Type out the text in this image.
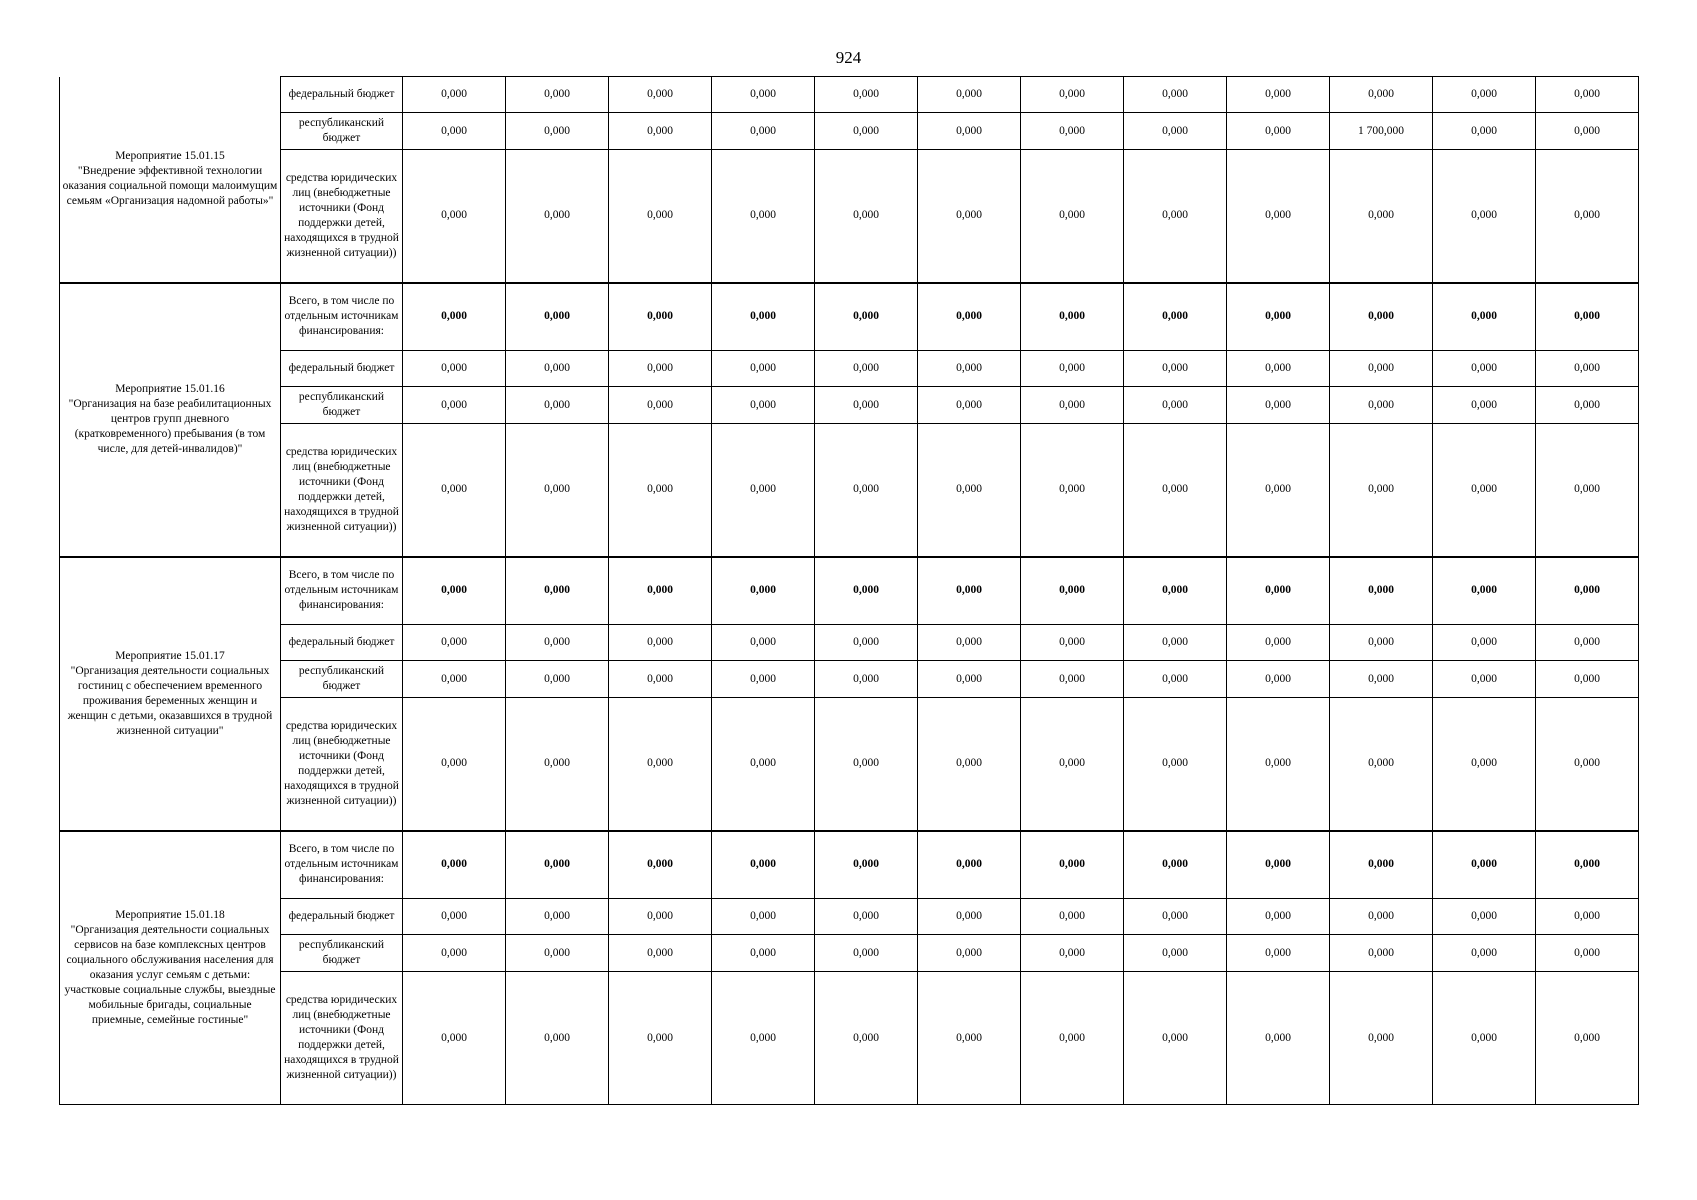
924
Мероприятие 15.01.15
"Внедрение эффективной технологии оказания социальной помощи малоимущим семьям «Организация надомной работы»"	федеральный бюджет	0,000	0,000	0,000	0,000	0,000	0,000	0,000	0,000	0,000	0,000	0,000	0,000
	республиканский бюджет	0,000	0,000	0,000	0,000	0,000	0,000	0,000	0,000	0,000	1 700,000	0,000	0,000
	средства юридических лиц (внебюджетные источники (Фонд поддержки детей, находящихся в трудной жизненной ситуации))	0,000	0,000	0,000	0,000	0,000	0,000	0,000	0,000	0,000	0,000	0,000	0,000

Мероприятие 15.01.16
"Организация на базе реабилитационных центров групп дневного (кратковременного) пребывания (в том числе, для детей-инвалидов)"	Всего, в том числе по отдельным источникам финансирования:	0,000	0,000	0,000	0,000	0,000	0,000	0,000	0,000	0,000	0,000	0,000	0,000
	федеральный бюджет	0,000	0,000	0,000	0,000	0,000	0,000	0,000	0,000	0,000	0,000	0,000	0,000
	республиканский бюджет	0,000	0,000	0,000	0,000	0,000	0,000	0,000	0,000	0,000	0,000	0,000	0,000
	средства юридических лиц (внебюджетные источники (Фонд поддержки детей, находящихся в трудной жизненной ситуации))	0,000	0,000	0,000	0,000	0,000	0,000	0,000	0,000	0,000	0,000	0,000	0,000

Мероприятие 15.01.17
"Организация деятельности социальных гостиниц с обеспечением временного проживания беременных женщин и женщин с детьми, оказавшихся в трудной жизненной ситуации"	Всего, в том числе по отдельным источникам финансирования:	0,000	0,000	0,000	0,000	0,000	0,000	0,000	0,000	0,000	0,000	0,000	0,000
	федеральный бюджет	0,000	0,000	0,000	0,000	0,000	0,000	0,000	0,000	0,000	0,000	0,000	0,000
	республиканский бюджет	0,000	0,000	0,000	0,000	0,000	0,000	0,000	0,000	0,000	0,000	0,000	0,000
	средства юридических лиц (внебюджетные источники (Фонд поддержки детей, находящихся в трудной жизненной ситуации))	0,000	0,000	0,000	0,000	0,000	0,000	0,000	0,000	0,000	0,000	0,000	0,000

Мероприятие 15.01.18
"Организация деятельности социальных сервисов на базе комплексных центров социального обслуживания населения для оказания услуг семьям с детьми: участковые социальные службы, выездные мобильные бригады, социальные приемные, семейные гостиные"	Всего, в том числе по отдельным источникам финансирования:	0,000	0,000	0,000	0,000	0,000	0,000	0,000	0,000	0,000	0,000	0,000	0,000
	федеральный бюджет	0,000	0,000	0,000	0,000	0,000	0,000	0,000	0,000	0,000	0,000	0,000	0,000
	республиканский бюджет	0,000	0,000	0,000	0,000	0,000	0,000	0,000	0,000	0,000	0,000	0,000	0,000
	средства юридических лиц (внебюджетные источники (Фонд поддержки детей, находящихся в трудной жизненной ситуации))	0,000	0,000	0,000	0,000	0,000	0,000	0,000	0,000	0,000	0,000	0,000	0,000
